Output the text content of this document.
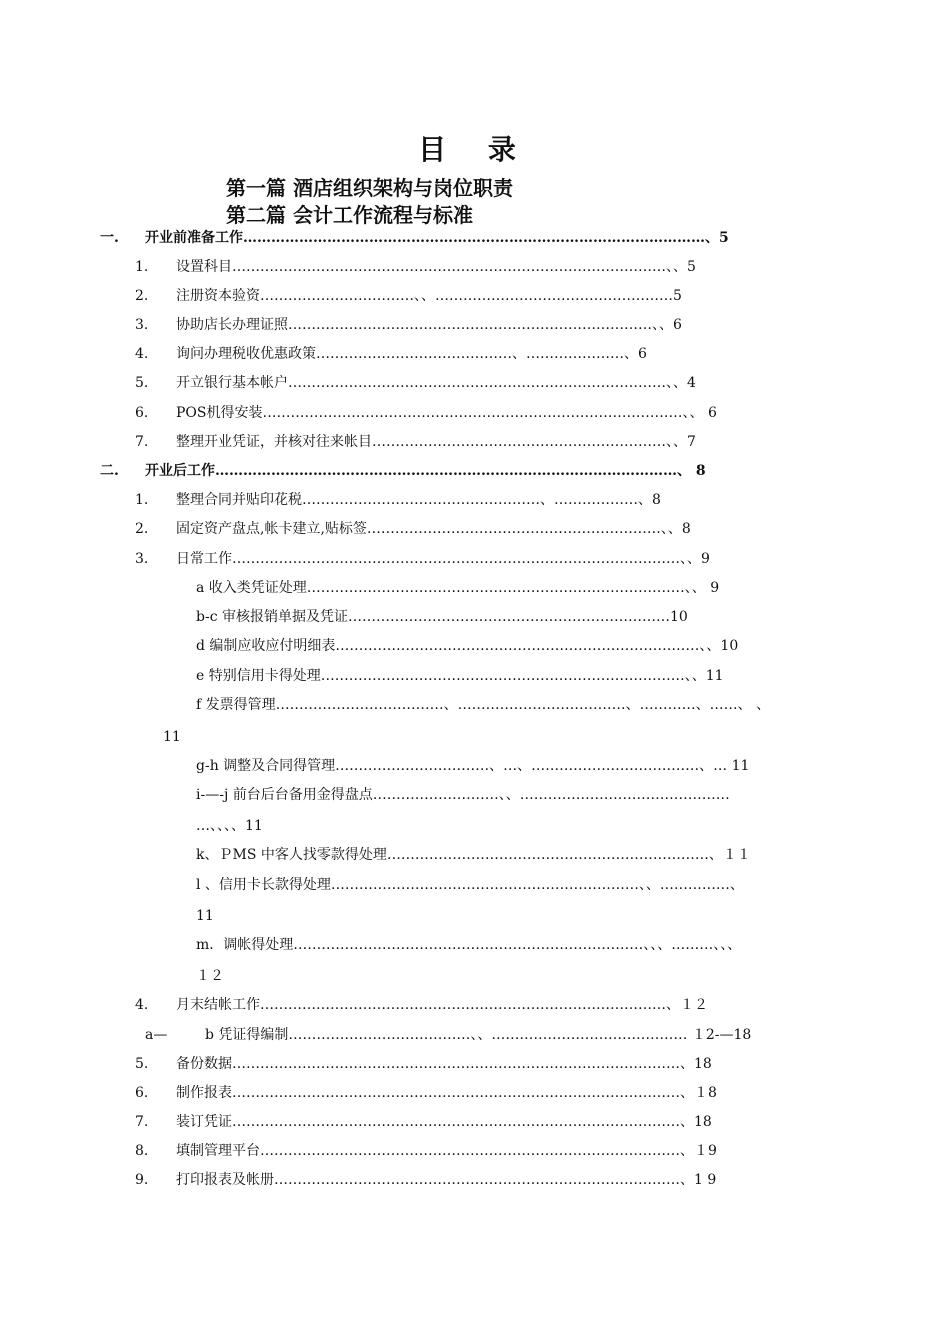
目 录
第一篇 酒店组织架构与岗位职责
第二篇 会计工作流程与标准
一. 开业前准备工作………………………………………………………………………………………、5
1. 设置科目…………………………………………………………………………………、、5
2. 注册资本验资……………………………、、……………………………………………5
3. 协助店长办理证照……………………………………………………………………、、6
4. 询问办理税收优惠政策……………………………………、…………………、6
5. 开立银行基本帐户………………………………………………………………………、、4
6. POS机得安装………………………………………………………………………………、、 6
7. 整理开业凭证，并核对往来帐目………………………………………………………、、7
二. 开业后工作………………………………………………………………………………………、 8
1. 整理合同并贴印花税……………………………………………、………………、8
2. 固定资产盘点,帐卡建立,贴标签………………………………………………………、、8
3. 日常工作……………………………………………………………………………………、、9
a 收入类凭证处理………………………………………………………………………、、 9
b-c 审核报销单据及凭证……………………………………………………………10
d 编制应收应付明细表……………………………………………………………………、、10
e 特别信用卡得处理……………………………………………………………………、、11
f 发票得管理………………………………、………………………………、…………、……、 、
11
g-h 调整及合同得管理……………………………、…、………………………………、… 11
i-—-j 前台后台备用金得盘点………………………、、………………………………………
…、、、、11
k、ＰMS 中客人找零款得处理……………………………………………………………、１１
l 、信用卡长款得处理…………………………………………………………、、……………、
11
m．调帐得处理…………………………………………………………………、、、………、、、
１２
4. 月末结帐工作……………………………………………………………………………、１２
a—	b 凭证得编制…………………………………、、…………………………………… １2-—18
5. 备份数据……………………………………………………………………………………、18
6. 制作报表……………………………………………………………………………………、１8
7. 装订凭证……………………………………………………………………………………、18
8. 填制管理平台………………………………………………………………………………、１9
9. 打印报表及帐册……………………………………………………………………………、1 9
